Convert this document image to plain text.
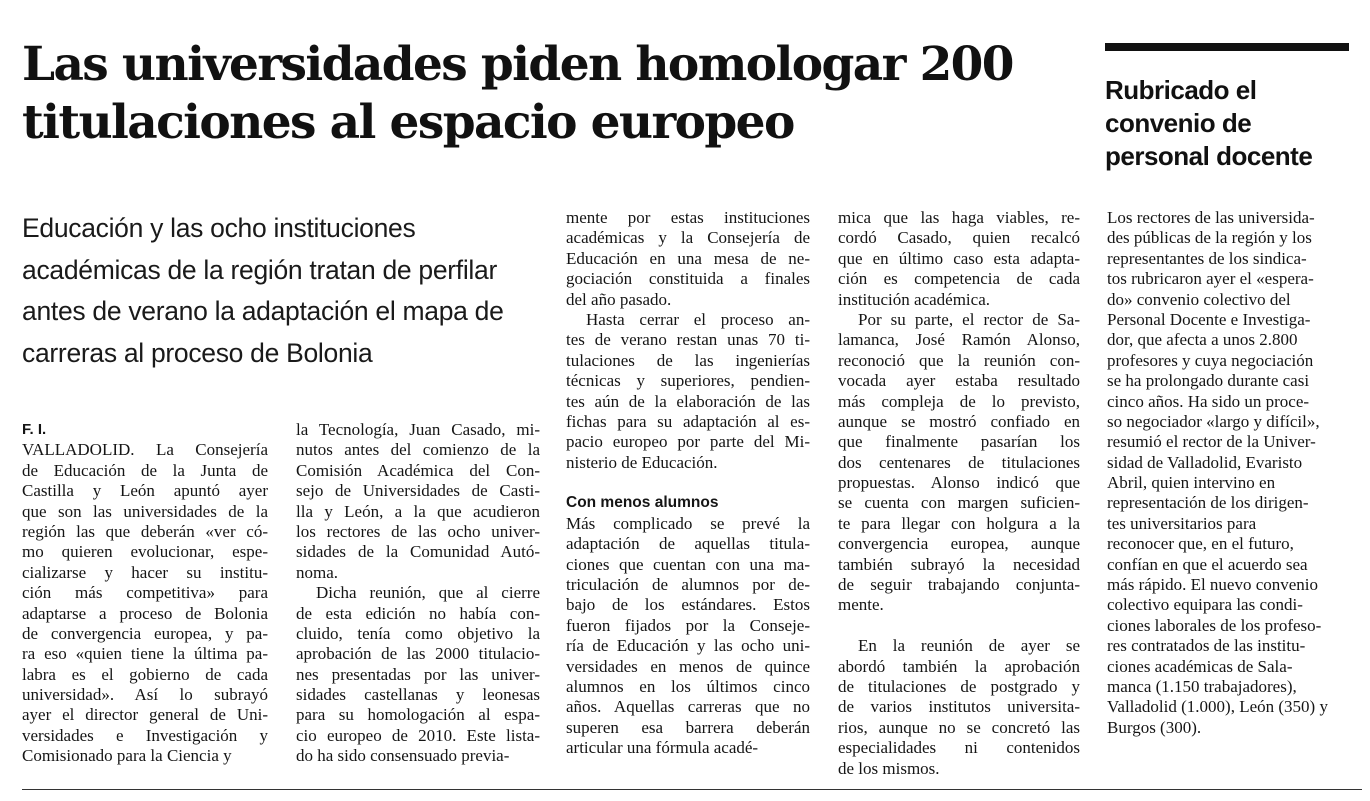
Las universidades piden homologar 200
titulaciones al espacio europeo
Rubricado el
convenio de
personal docente
Educación y las ocho instituciones
académicas de la región tratan de perfilar
antes de verano la adaptación el mapa de
carreras al proceso de Bolonia
F. I.
VALLADOLID. La Consejería
de Educación de la Junta de
Castilla y León apuntó ayer
que son las universidades de la
región las que deberán «ver có-
mo quieren evolucionar, espe-
cializarse y hacer su institu-
ción más competitiva» para
adaptarse a proceso de Bolonia
de convergencia europea, y pa-
ra eso «quien tiene la última pa-
labra es el gobierno de cada
universidad». Así lo subrayó
ayer el director general de Uni-
versidades e Investigación y
Comisionado para la Ciencia y
la Tecnología, Juan Casado, mi-
nutos antes del comienzo de la
Comisión Académica del Con-
sejo de Universidades de Casti-
lla y León, a la que acudieron
los rectores de las ocho univer-
sidades de la Comunidad Autó-
noma.
Dicha reunión, que al cierre
de esta edición no había con-
cluido, tenía como objetivo la
aprobación de las 2000 titulacio-
nes presentadas por las univer-
sidades castellanas y leonesas
para su homologación al espa-
cio europeo de 2010. Este lista-
do ha sido consensuado previa-
mente por estas instituciones
académicas y la Consejería de
Educación en una mesa de ne-
gociación constituida a finales
del año pasado.
Hasta cerrar el proceso an-
tes de verano restan unas 70 ti-
tulaciones de las ingenierías
técnicas y superiores, pendien-
tes aún de la elaboración de las
fichas para su adaptación al es-
pacio europeo por parte del Mi-
nisterio de Educación.
Con menos alumnos
Más complicado se prevé la
adaptación de aquellas titula-
ciones que cuentan con una ma-
triculación de alumnos por de-
bajo de los estándares. Estos
fueron fijados por la Conseje-
ría de Educación y las ocho uni-
versidades en menos de quince
alumnos en los últimos cinco
años. Aquellas carreras que no
superen esa barrera deberán
articular una fórmula acadé-
mica que las haga viables, re-
cordó Casado, quien recalcó
que en último caso esta adapta-
ción es competencia de cada
institución académica.
Por su parte, el rector de Sa-
lamanca, José Ramón Alonso,
reconoció que la reunión con-
vocada ayer estaba resultado
más compleja de lo previsto,
aunque se mostró confiado en
que finalmente pasarían los
dos centenares de titulaciones
propuestas. Alonso indicó que
se cuenta con margen suficien-
te para llegar con holgura a la
convergencia europea, aunque
también subrayó la necesidad
de seguir trabajando conjunta-
mente.
En la reunión de ayer se
abordó también la aprobación
de titulaciones de postgrado y
de varios institutos universita-
rios, aunque no se concretó las
especialidades ni contenidos
de los mismos.
Los rectores de las universida-
des públicas de la región y los
representantes de los sindica-
tos rubricaron ayer el «espera-
do» convenio colectivo del
Personal Docente e Investiga-
dor, que afecta a unos 2.800
profesores y cuya negociación
se ha prolongado durante casi
cinco años. Ha sido un proce-
so negociador «largo y difícil»,
resumió el rector de la Univer-
sidad de Valladolid, Evaristo
Abril, quien intervino en
representación de los dirigen-
tes universitarios para
reconocer que, en el futuro,
confían en que el acuerdo sea
más rápido. El nuevo convenio
colectivo equipara las condi-
ciones laborales de los profeso-
res contratados de las institu-
ciones académicas de Sala-
manca (1.150 trabajadores),
Valladolid (1.000), León (350) y
Burgos (300).
